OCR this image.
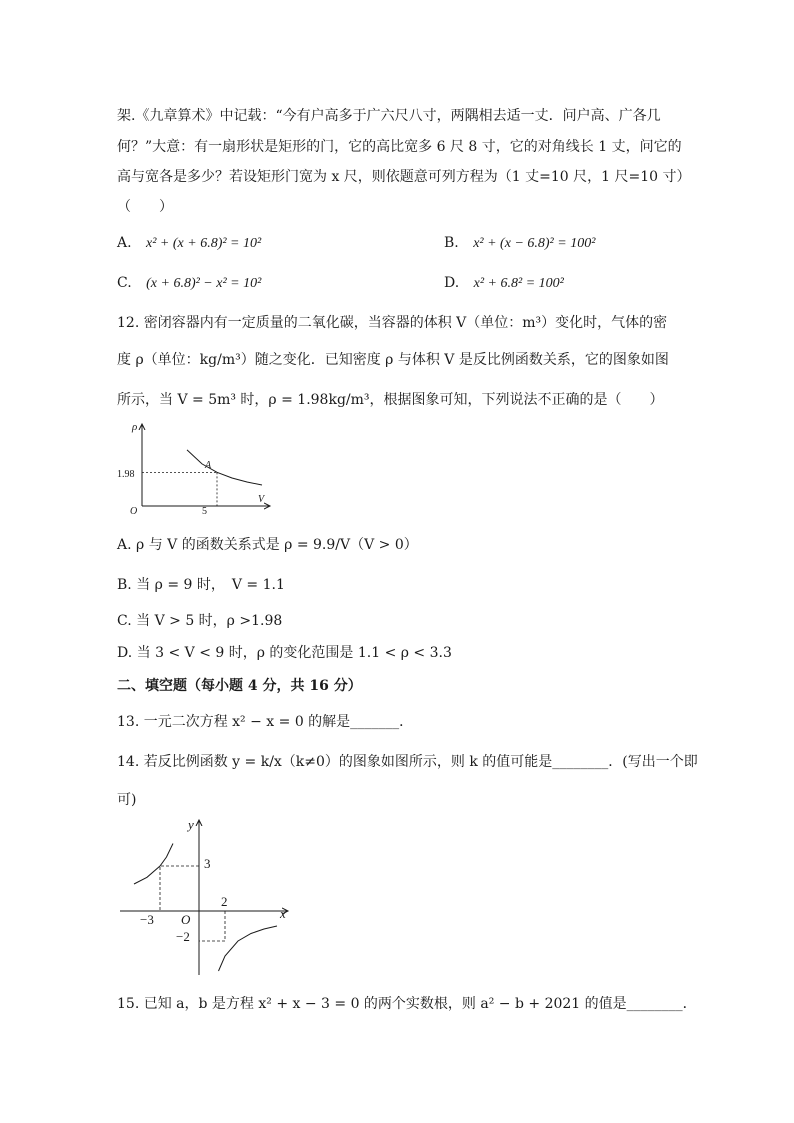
架.《九章算术》中记载：“今有户高多于广六尺八寸，两隅相去适一丈．问户高、广各几
何？”大意：有一扇形状是矩形的门，它的高比宽多 6 尺 8 寸，它的对角线长 1 丈，问它的
高与宽各是多少？若设矩形门宽为 x 尺，则依题意可列方程为（1 丈=10 尺，1 尺=10 寸）
（　　）
A. x² + (x + 6.8)² = 10²	B. x² + (x − 6.8)² = 100²
C. (x + 6.8)² − x² = 10²	D. x² + 6.8² = 100²
12. 密闭容器内有一定质量的二氧化碳，当容器的体积 V（单位：m³）变化时，气体的密
度 ρ（单位：kg/m³）随之变化．已知密度 ρ 与体积 V 是反比例函数关系，它的图象如图
所示，当 V = 5m³ 时，ρ = 1.98kg/m³，根据图象可知，下列说法不正确的是（　　）
ρ
V
O
1.98
5
A
A. ρ 与 V 的函数关系式是 ρ = 9.9/V（V > 0）
B. 当 ρ = 9 时，　V = 1.1
C. 当 V > 5 时，ρ >1.98
D. 当 3 < V < 9 时，ρ 的变化范围是 1.1 < ρ < 3.3
二、填空题（每小题 4 分，共 16 分）
13. 一元二次方程 x² − x = 0 的解是_______．
14. 若反比例函数 y = k/x（k≠0）的图象如图所示，则 k 的值可能是________．(写出一个即
可)
y
x
O
3
2
−3
−2
15. 已知 a，b 是方程 x² + x − 3 = 0 的两个实数根，则 a² − b + 2021 的值是________．
